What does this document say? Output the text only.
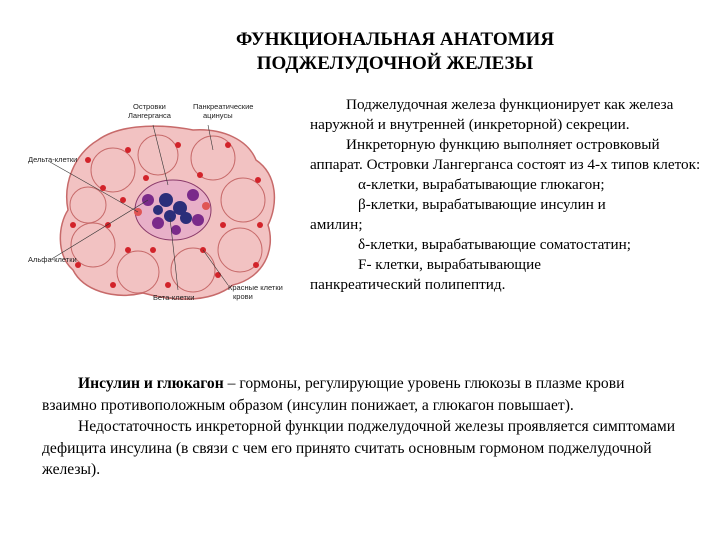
ФУНКЦИОНАЛЬНАЯ АНАТОМИЯ
ПОДЖЕЛУДОЧНОЙ ЖЕЛЕЗЫ
Островки
Лангерганса
Панкреатические
ацинусы
Дельта-клетки
Альфа-клетки
Бета-клетки
Красные клетки
крови

Поджелудочная железа функционирует как железа наружной и внутренней (инкреторной) секреции.

Инкреторную функцию выполняет островковый аппарат. Островки Лангерганса состоят из 4-х типов клеток:

α-клетки, вырабатывающие глюкагон;

β-клетки, вырабатывающие инсулин и

амилин;

δ-клетки, вырабатывающие соматостатин;

F- клетки, вырабатывающие

панкреатический полипептид.

Инсулин и глюкагон – гормоны, регулирующие уровень глюкозы в плазме крови взаимно противоположным образом (инсулин понижает, а глюкагон повышает).

Недостаточность инкреторной функции поджелудочной железы проявляется симптомами дефицита инсулина (в связи с чем его принято считать основным гормоном поджелудочной железы).
